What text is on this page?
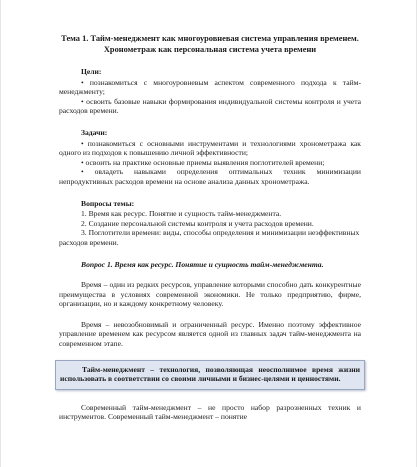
Тема 1. Тайм-менеджмент как многоуровневая система управления временем. Хронометраж как персональная система учета времени

Цели:

• познакомиться с многоуровневым аспектом современного подхода к тайм-менеджменту;

• освоить базовые навыки формирования индивидуальной системы контроля и учета расходов времени.

Задачи:

• познакомиться с основными инструментами и технологиями хронометража как одного из подходов к повышению личной эффективности;

• освоить на практике основные приемы выявления поглотителей времени;

• овладеть навыками определения оптимальных техник минимизации непродуктивных расходов времени на основе анализа данных хронометража.

Вопросы темы:

1. Время как ресурс. Понятие и сущность тайм-менеджмента.

2. Создание персональной системы контроля и учета расходов времени.

3. Поглотители времени: виды, способы определения и минимизации неэффективных расходов времени.

Вопрос 1. Время как ресурс. Понятие и сущность тайм-менеджмента.

Время – один из редких ресурсов, управление которыми способно дать конкурентные преимущества в условиях современной экономики. Не только предприятию, фирме, организации, но и каждому конкретному человеку.

Время – невозобновимый и ограниченный ресурс. Именно поэтому эффективное управление временем как ресурсом является одной из главных задач тайм-менеджмента на современном этапе.

Тайм-менеджмент – технология, позволяющая неосполнимое время жизни использовать в соответствии со своими личными и бизнес-целями и ценностями.

Современный тайм-менеджмент – не просто набор разрозненных техник и инструментов. Современный тайм-менеджмент – понятие
